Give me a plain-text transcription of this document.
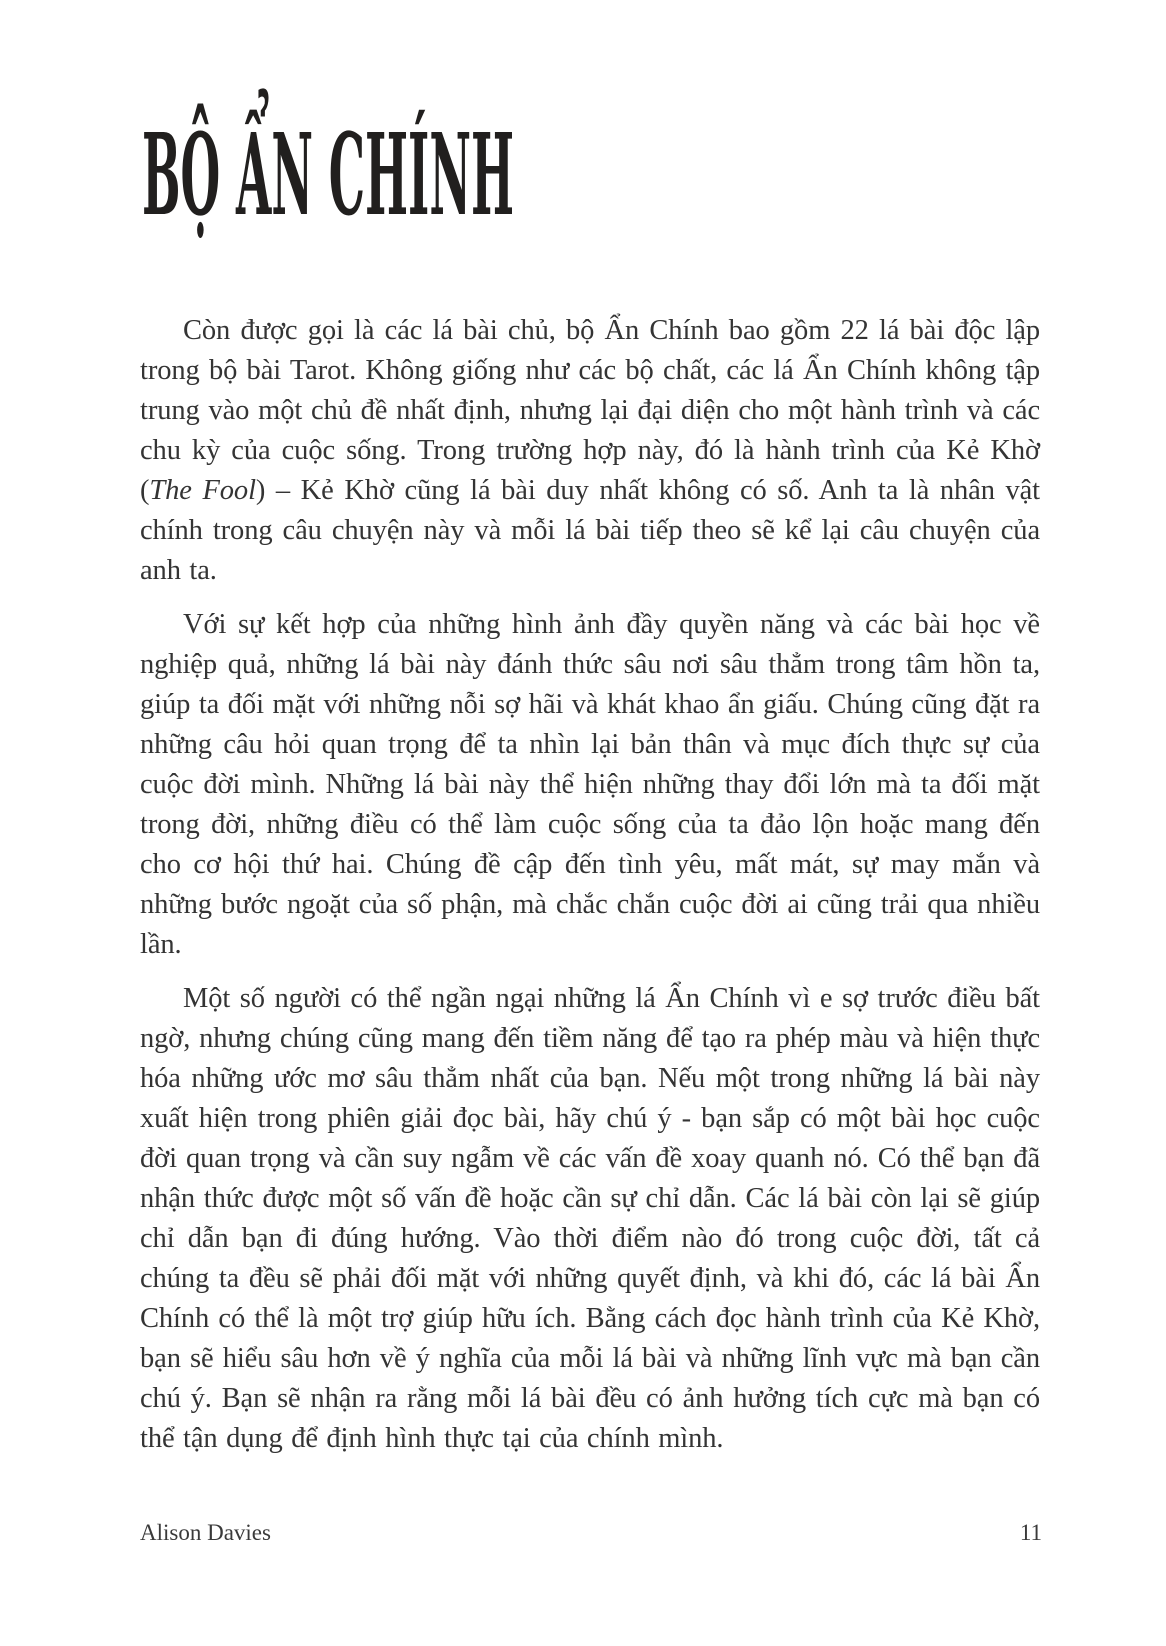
BỘ ẨN CHÍNH

Còn được gọi là các lá bài chủ, bộ Ẩn Chính bao gồm 22 lá bài độc lập trong bộ bài Tarot. Không giống như các bộ chất, các lá Ẩn Chính không tập trung vào một chủ đề nhất định, nhưng lại đại diện cho một hành trình và các chu kỳ của cuộc sống. Trong trường hợp này, đó là hành trình của Kẻ Khờ (The Fool) – Kẻ Khờ cũng lá bài duy nhất không có số. Anh ta là nhân vật chính trong câu chuyện này và mỗi lá bài tiếp theo sẽ kể lại câu chuyện của anh ta.

Với sự kết hợp của những hình ảnh đầy quyền năng và các bài học về nghiệp quả, những lá bài này đánh thức sâu nơi sâu thẳm trong tâm hồn ta, giúp ta đối mặt với những nỗi sợ hãi và khát khao ẩn giấu. Chúng cũng đặt ra những câu hỏi quan trọng để ta nhìn lại bản thân và mục đích thực sự của cuộc đời mình. Những lá bài này thể hiện những thay đổi lớn mà ta đối mặt trong đời, những điều có thể làm cuộc sống của ta đảo lộn hoặc mang đến cho cơ hội thứ hai. Chúng đề cập đến tình yêu, mất mát, sự may mắn và những bước ngoặt của số phận, mà chắc chắn cuộc đời ai cũng trải qua nhiều lần.

Một số người có thể ngần ngại những lá Ẩn Chính vì e sợ trước điều bất ngờ, nhưng chúng cũng mang đến tiềm năng để tạo ra phép màu và hiện thực hóa những ước mơ sâu thẳm nhất của bạn. Nếu một trong những lá bài này xuất hiện trong phiên giải đọc bài, hãy chú ý - bạn sắp có một bài học cuộc đời quan trọng và cần suy ngẫm về các vấn đề xoay quanh nó. Có thể bạn đã nhận thức được một số vấn đề hoặc cần sự chỉ dẫn. Các lá bài còn lại sẽ giúp chỉ dẫn bạn đi đúng hướng. Vào thời điểm nào đó trong cuộc đời, tất cả chúng ta đều sẽ phải đối mặt với những quyết định, và khi đó, các lá bài Ẩn Chính có thể là một trợ giúp hữu ích. Bằng cách đọc hành trình của Kẻ Khờ, bạn sẽ hiểu sâu hơn về ý nghĩa của mỗi lá bài và những lĩnh vực mà bạn cần chú ý. Bạn sẽ nhận ra rằng mỗi lá bài đều có ảnh hưởng tích cực mà bạn có thể tận dụng để định hình thực tại của chính mình.

Alison Davies	11
